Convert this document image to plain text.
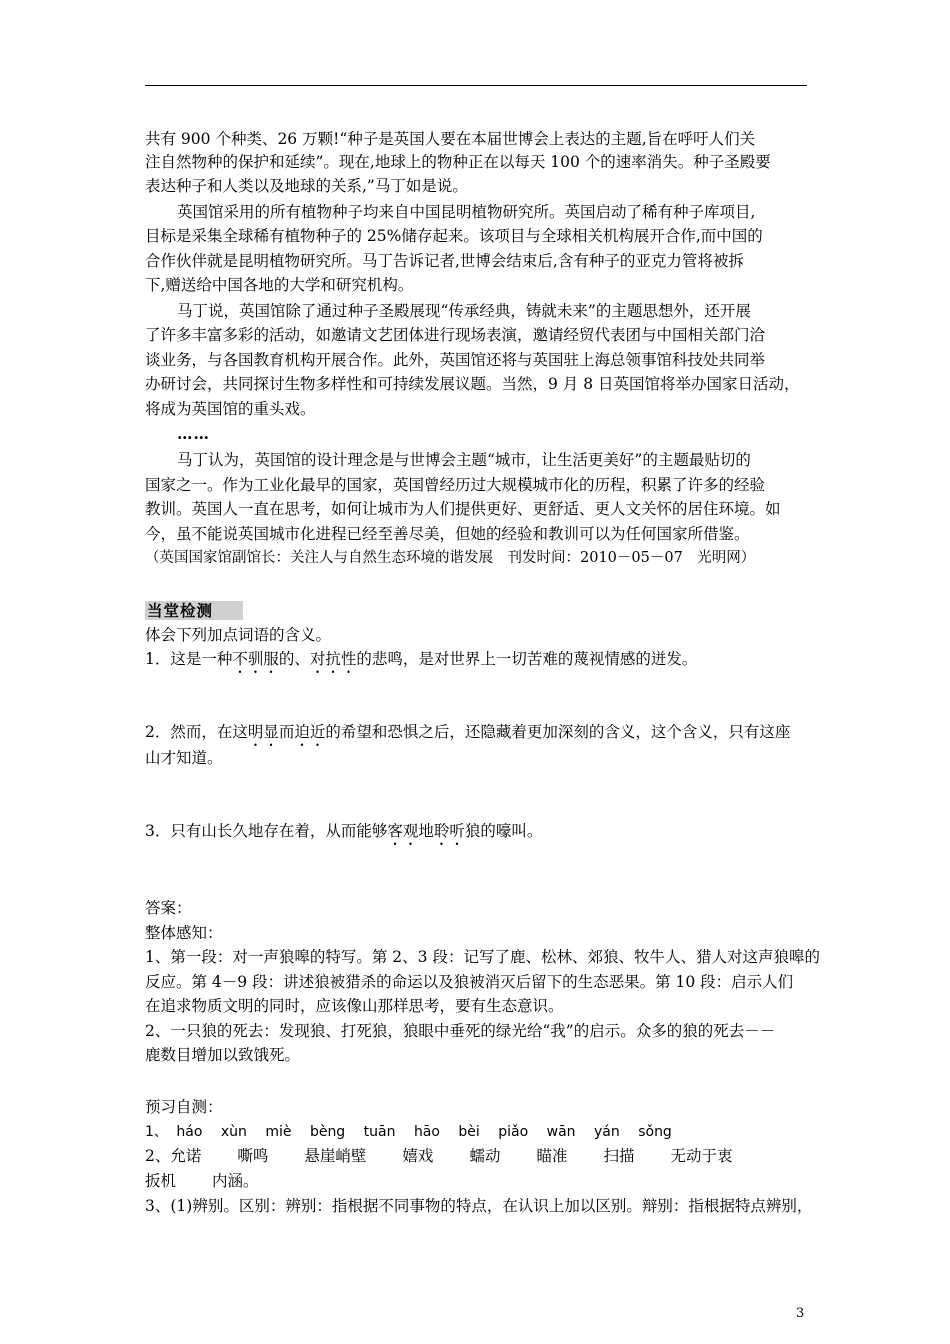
共有 900 个种类、26 万颗!“种子是英国人要在本届世博会上表达的主题,旨在呼吁人们关
注自然物种的保护和延续”。现在,地球上的物种正在以每天 100 个的速率消失。种子圣殿要
表达种子和人类以及地球的关系,”马丁如是说。
英国馆采用的所有植物种子均来自中国昆明植物研究所。英国启动了稀有种子库项目,
目标是采集全球稀有植物种子的 25%储存起来。该项目与全球相关机构展开合作,而中国的
合作伙伴就是昆明植物研究所。马丁告诉记者,世博会结束后,含有种子的亚克力管将被拆
下,赠送给中国各地的大学和研究机构。
马丁说，英国馆除了通过种子圣殿展现“传承经典，铸就未来”的主题思想外，还开展
了许多丰富多彩的活动，如邀请文艺团体进行现场表演，邀请经贸代表团与中国相关部门洽
谈业务，与各国教育机构开展合作。此外，英国馆还将与英国驻上海总领事馆科技处共同举
办研讨会，共同探讨生物多样性和可持续发展议题。当然，9 月 8 日英国馆将举办国家日活动，
将成为英国馆的重头戏。
……
马丁认为，英国馆的设计理念是与世博会主题“城市，让生活更美好”的主题最贴切的
国家之一。作为工业化最早的国家，英国曾经历过大规模城市化的历程，积累了许多的经验
教训。英国人一直在思考，如何让城市为人们提供更好、更舒适、更人文关怀的居住环境。如
今，虽不能说英国城市化进程已经至善尽美，但她的经验和教训可以为任何国家所借鉴。
（英国国家馆副馆长：关注人与自然生态环境的谐发展　刊发时间：2010－05－07　光明网）
当堂检测
体会下列加点词语的含义。
1．这是一种不驯服的、对抗性的悲鸣，是对世界上一切苦难的蔑视情感的迸发。
2．然而，在这明显而迫近的希望和恐惧之后，还隐藏着更加深刻的含义，这个含义，只有这座
山才知道。
3．只有山长久地存在着，从而能够客观地聆听狼的嚎叫。
答案：
整体感知：
1、第一段：对一声狼嗥的特写。第 2、3 段：记写了鹿、松林、郊狼、牧牛人、猎人对这声狼嗥的
反应。第 4－9 段：讲述狼被猎杀的命运以及狼被消灭后留下的生态恶果。第 10 段：启示人们
在追求物质文明的同时，应该像山那样思考，要有生态意识。
2、一只狼的死去：发现狼、打死狼，狼眼中垂死的绿光给“我”的启示。众多的狼的死去－－
鹿数目增加以致饿死。
预习自测：
1、 háo xùn miè bèng tuān hāo bèi piǎo wān yán sǒng
2、允诺 嘶鸣 悬崖峭壁 嬉戏 蠕动 瞄准 扫描 无动于衷
扳机 内涵。
3、(1)辨别。区别：辨别：指根据不同事物的特点，在认识上加以区别。辩别：指根据特点辨别，
3
